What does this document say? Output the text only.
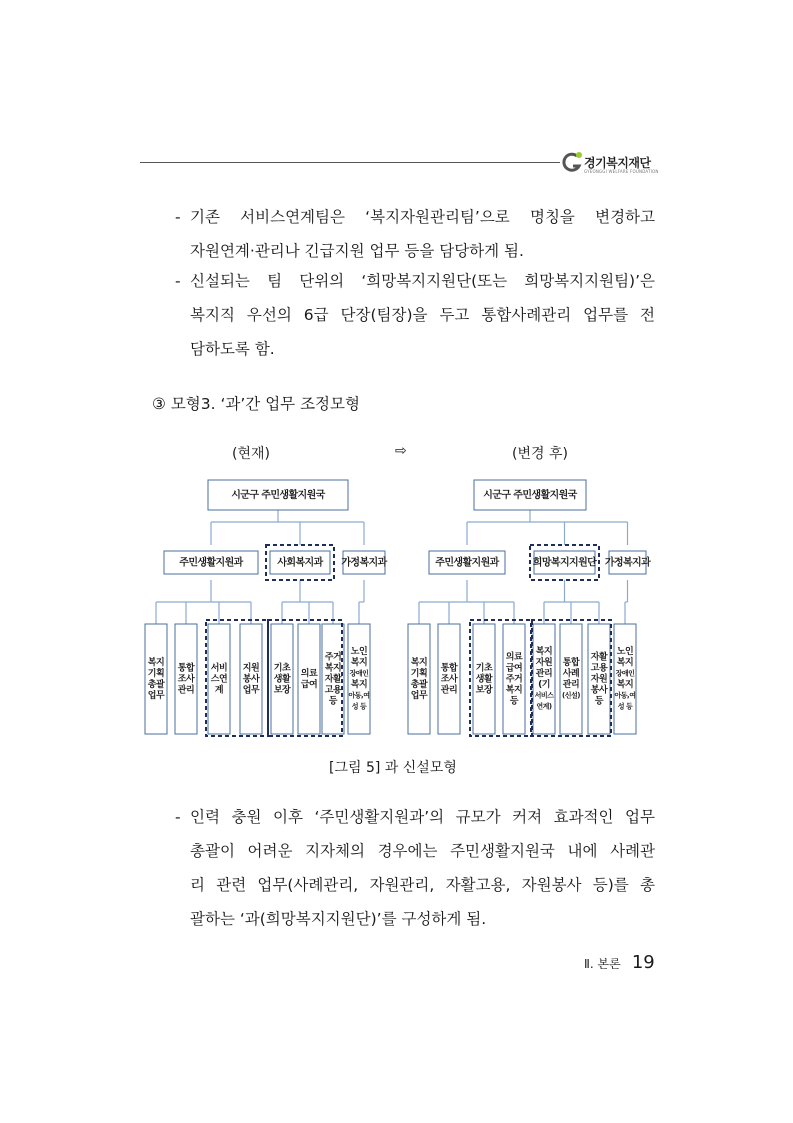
경기복지재단
GYEONGGI WELFARE FOUNDATION
- 기존 서비스연계팀은 ‘복지자원관리팀’으로 명칭을 변경하고
자원연계·관리나 긴급지원 업무 등을 담당하게 됨.
- 신설되는 팀 단위의 ‘희망복지지원단(또는 희망복지지원팀)’은
복지직 우선의 6급 단장(팀장)을 두고 통합사례관리 업무를 전
담하도록 함.
③ 모형3. ‘과’간 업무 조정모형
(현재)	⇨	(변경 후)
시군구 주민생활지원국
주민생활지원과	사회복지과 가정복지과
복지
기획
총괄
업무
통합
조사
관리
서비
스연
계
지원
봉사
업무
기초
생활
보장
의료
급여
주거
복지
자활
고용
등
노인
복지
장애인
복지
아동,여
성 등
시군구 주민생활지원국
주민생활지원과	희망복지지원단 가정복지과
복지
기획
총괄
업무
통합
조사
관리
기초
생활
보장
의료
급여
주거
복지
등
복지
자원
관리
(기
서비스
연계)
통합
사례
관리
(신설)
자활
고용
자원
봉사
등
노인
복지
장애인
복지
아동,여
성 등
[그림 5] 과 신설모형
- 인력 충원 이후 ‘주민생활지원과’의 규모가 커져 효과적인 업무
총괄이 어려운 지자체의 경우에는 주민생활지원국 내에 사례관
리 관련 업무(사례관리, 자원관리, 자활고용, 자원봉사 등)를 총
괄하는 ‘과(희망복지지원단)’를 구성하게 됨.
Ⅱ. 본론 19
